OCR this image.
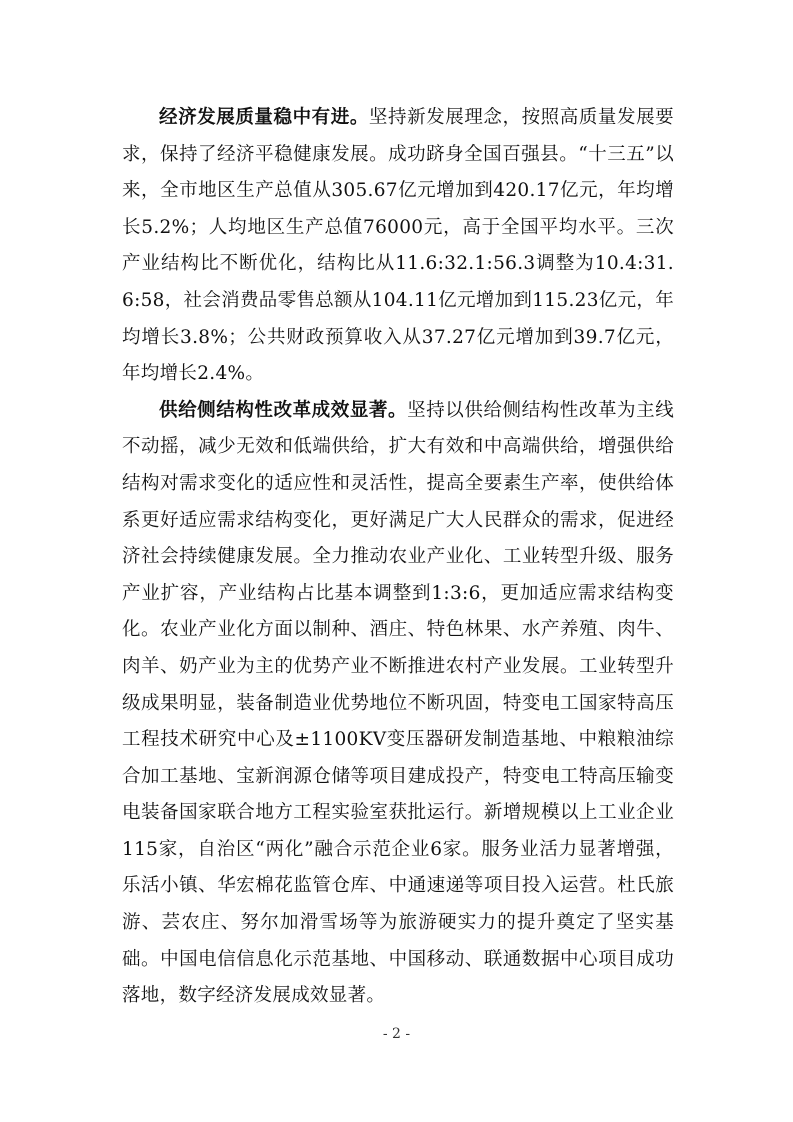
经济发展质量稳中有进。坚持新发展理念，按照高质量发展要求，保持了经济平稳健康发展。成功跻身全国百强县。“十三五”以来，全市地区生产总值从305.67亿元增加到420.17亿元，年均增长5.2%；人均地区生产总值76000元，高于全国平均水平。三次产业结构比不断优化，结构比从11.6:32.1:56.3调整为10.4:31.6:58，社会消费品零售总额从104.11亿元增加到115.23亿元，年均增长3.8%；公共财政预算收入从37.27亿元增加到39.7亿元，年均增长2.4%。

供给侧结构性改革成效显著。坚持以供给侧结构性改革为主线不动摇，减少无效和低端供给，扩大有效和中高端供给，增强供给结构对需求变化的适应性和灵活性，提高全要素生产率，使供给体系更好适应需求结构变化，更好满足广大人民群众的需求，促进经济社会持续健康发展。全力推动农业产业化、工业转型升级、服务产业扩容，产业结构占比基本调整到1:3:6，更加适应需求结构变化。农业产业化方面以制种、酒庄、特色林果、水产养殖、肉牛、肉羊、奶产业为主的优势产业不断推进农村产业发展。工业转型升级成果明显，装备制造业优势地位不断巩固，特变电工国家特高压工程技术研究中心及±1100KV变压器研发制造基地、中粮粮油综合加工基地、宝新润源仓储等项目建成投产，特变电工特高压输变电装备国家联合地方工程实验室获批运行。新增规模以上工业企业115家，自治区“两化”融合示范企业6家。服务业活力显著增强，乐活小镇、华宏棉花监管仓库、中通速递等项目投入运营。杜氏旅游、芸农庄、努尔加滑雪场等为旅游硬实力的提升奠定了坚实基础。中国电信信息化示范基地、中国移动、联通数据中心项目成功落地，数字经济发展成效显著。

- 2 -
